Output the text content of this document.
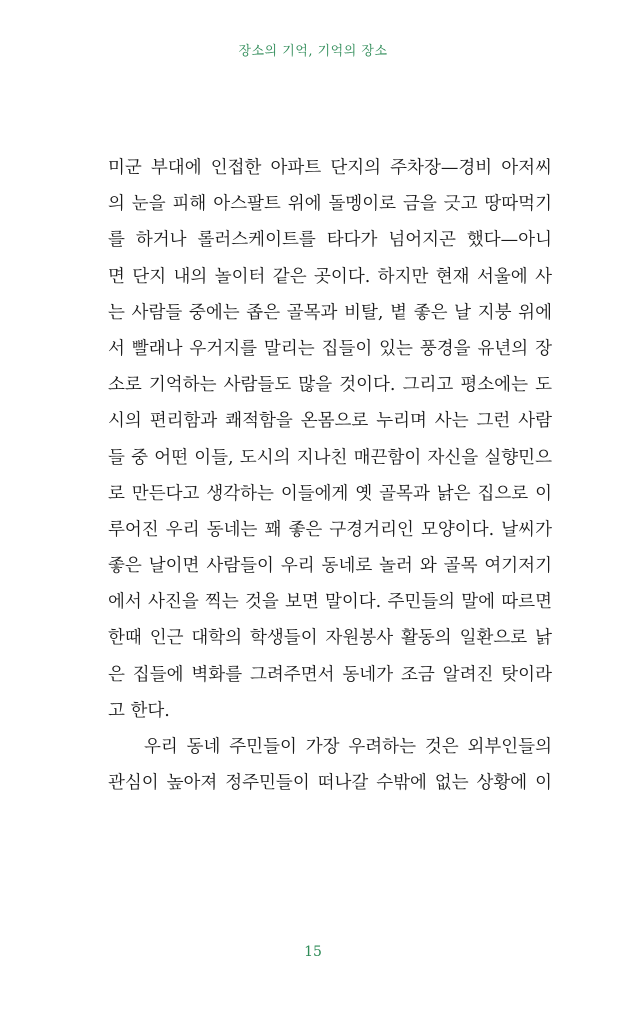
장소의 기억, 기억의 장소
미군 부대에 인접한 아파트 단지의 주차장—경비 아저씨
의 눈을 피해 아스팔트 위에 돌멩이로 금을 긋고 땅따먹기
를 하거나 롤러스케이트를 타다가 넘어지곤 했다—아니
면 단지 내의 놀이터 같은 곳이다. 하지만 현재 서울에 사
는 사람들 중에는 좁은 골목과 비탈, 볕 좋은 날 지붕 위에
서 빨래나 우거지를 말리는 집들이 있는 풍경을 유년의 장
소로 기억하는 사람들도 많을 것이다. 그리고 평소에는 도
시의 편리함과 쾌적함을 온몸으로 누리며 사는 그런 사람
들 중 어떤 이들, 도시의 지나친 매끈함이 자신을 실향민으
로 만든다고 생각하는 이들에게 옛 골목과 낡은 집으로 이
루어진 우리 동네는 꽤 좋은 구경거리인 모양이다. 날씨가
좋은 날이면 사람들이 우리 동네로 놀러 와 골목 여기저기
에서 사진을 찍는 것을 보면 말이다. 주민들의 말에 따르면
한때 인근 대학의 학생들이 자원봉사 활동의 일환으로 낡
은 집들에 벽화를 그려주면서 동네가 조금 알려진 탓이라
고 한다.
우리 동네 주민들이 가장 우려하는 것은 외부인들의
관심이 높아져 정주민들이 떠나갈 수밖에 없는 상황에 이
15
